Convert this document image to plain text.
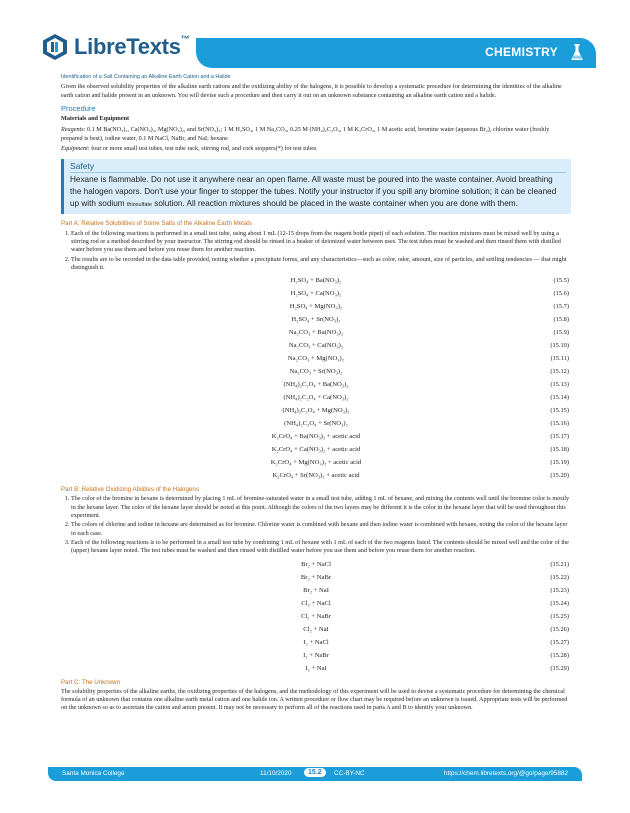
LibreTexts™
CHEMISTRY
Identification of a Salt Containing an Alkaline Earth Cation and a Halide

Given the observed solubility properties of the alkaline earth cations and the oxidizing ability of the halogens, it is possible to develop a systematic procedure for determining the identities of the alkaline earth cation and halide present in an unknown. You will devise such a procedure and then carry it out on an unknown substance containing an alkaline earth cation and a halide.

Procedure
Materials and Equipment

Reagents: 0.1 M Ba(NO₃)₂, Ca(NO₃)₂, Mg(NO₃)₂, and Sr(NO₃)₂; 1 M H₂SO₄, 1 M Na₂CO₃, 0.25 M (NH₄)₂C₂O₄, 1 M K₂CrO₄, 1 M acetic acid, bromine water (aqueous Br₂), chlorine water (freshly prepared is best), iodine water, 0.1 M NaCl, NaBr, and NaI; hexane

Equipment: four or more small test tubes, test tube rack, stirring rod, and cork stoppers(*) for test tubes

Safety
Hexane is flammable. Do not use it anywhere near an open flame. All waste must be poured into the waste container. Avoid breathing the halogen vapors. Don't use your finger to stopper the tubes. Notify your instructor if you spill any bromine solution; it can be cleaned up with sodium thiosulfate solution. All reaction mixtures should be placed in the waste container when you are done with them.
Part A: Relative Solubilities of Some Salts of the Alkaline Earth Metals
1. Each of the following reactions is performed in a small test tube, using about 1 mL (12-15 drops from the reagent bottle pipet) of each solution. The reaction mixtures must be mixed well by using a stirring rod or a method described by your instructor. The stirring rod should be rinsed in a beaker of deionized water between uses. The test tubes must be washed and then rinsed them with distilled water before you use them and before you reuse them for another reaction.
2. The results are to be recorded in the data table provided, noting whether a precipitate forms, and any characteristics—such as color, odor, amount, size of particles, and settling tendencies — that might distinguish it.
H₂SO₄ + Ba(NO₃)₂	(15.5)
H₂SO₄ + Ca(NO₃)₂	(15.6)
H₂SO₄ + Mg(NO₃)₂	(15.7)
H₂SO₄ + Sr(NO₃)₂	(15.8)
Na₂CO₃ + Ba(NO₃)₂	(15.9)
Na₂CO₃ + Ca(NO₃)₂	(15.10)
Na₂CO₃ + Mg(NO₃)₂	(15.11)
Na₂CO₃ + Sr(NO₃)₂	(15.12)
(NH₄)₂C₂O₄ + Ba(NO₃)₂	(15.13)
(NH₄)₂C₂O₄ + Ca(NO₃)₂	(15.14)
(NH₄)₂C₂O₄ + Mg(NO₃)₂	(15.15)
(NH₄)₂C₂O₄ + Sr(NO₃)₂	(15.16)
K₂CrO₄ + Ba(NO₃)₂ + acetic acid	(15.17)
K₂CrO₄ + Ca(NO₃)₂ + acetic acid	(15.18)
K₂CrO₄ + Mg(NO₃)₂ + acetic acid	(15.19)
K₂CrO₄ + Sr(NO₃)₂ + acetic acid	(15.20)
Part B: Relative Oxidizing Abilities of the Halogens
1. The color of the bromine in hexane is determined by placing 1 mL of bromine-saturated water in a small test tube, adding 1 mL of hexane, and mixing the contents well until the bromine color is mostly in the hexane layer. The color of the hexane layer should be noted at this point. Although the colors of the two layers may be different it is the color in the hexane layer that will be used throughout this experiment.
2. The colors of chlorine and iodine in hexane are determined as for bromine. Chlorine water is combined with hexane and then iodine water is combined with hexane, noting the color of the hexane layer in each case.
3. Each of the following reactions is to be performed in a small test tube by combining 1 mL of hexane with 1 mL of each of the two reagents listed. The contents should be mixed well and the color of the (upper) hexane layer noted. The test tubes must be washed and then rinsed with distilled water before you use them and before you reuse them for another reaction.
Br₂ + NaCl	(15.21)
Br₂ + NaBr	(15.22)
Br₂ + NaI	(15.23)
Cl₂ + NaCl	(15.24)
Cl₂ + NaBr	(15.25)
Cl₂ + NaI	(15.26)
I₂ + NaCl	(15.27)
I₂ + NaBr	(15.28)
I₂ + NaI	(15.29)
Part C: The Unknown

The solubility properties of the alkaline earths, the oxidizing properties of the halogens, and the methodology of this experiment will be used to devise a systematic procedure for determining the chemical formula of an unknown that contains one alkaline earth metal cation and one halide ion. A written procedure or flow chart may be required before an unknown is issued. Appropriate tests will be performed on the unknown so as to ascertain the cation and anion present. It may not be necessary to perform all of the reactions used in parts A and B to identify your unknown.

Santa Monica College	11/10/2020	15.2	CC-BY-NC	https://chem.libretexts.org/@go/page/95882
